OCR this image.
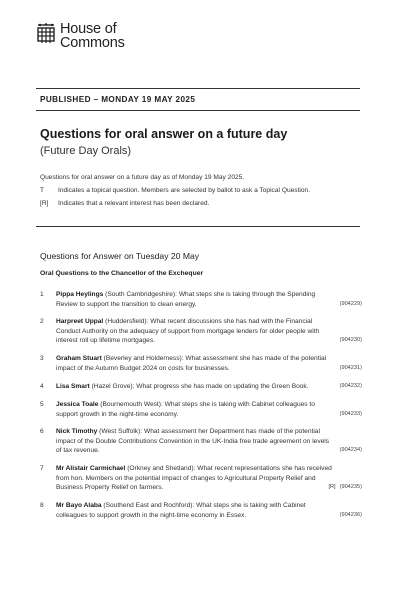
House of
Commons
PUBLISHED – MONDAY 19 MAY 2025
Questions for oral answer on a future day
(Future Day Orals)
Questions for oral answer on a future day as of Monday 19 May 2025.
T Indicates a topical question. Members are selected by ballot to ask a Topical Question.
[R] Indicates that a relevant interest has been declared.
Questions for Answer on Tuesday 20 May
Oral Questions to the Chancellor of the Exchequer
1 Pippa Heylings (South Cambridgeshire): What steps she is taking through the Spending Review to support the transition to clean energy.	(904229)
2 Harpreet Uppal (Huddersfield): What recent discussions she has had with the Financial Conduct Authority on the adequacy of support from mortgage lenders for older people with interest roll up lifetime mortgages.	(904230)
3 Graham Stuart (Beverley and Holderness): What assessment she has made of the potential impact of the Autumn Budget 2024 on costs for businesses.	(904231)
4 Lisa Smart (Hazel Grove): What progress she has made on updating the Green Book.	(904232)
5 Jessica Toale (Bournemouth West): What steps she is taking with Cabinet colleagues to support growth in the night-time economy.	(904233)
6 Nick Timothy (West Suffolk): What assessment her Department has made of the potential impact of the Double Contributions Convention in the UK-India free trade agreement on levels of tax revenue.	(904234)
7 Mr Alistair Carmichael (Orkney and Shetland): What recent representations she has received from hon. Members on the potential impact of changes to Agricultural Property Relief and Business Property Relief on farmers.	[R] (904235)
8 Mr Bayo Alaba (Southend East and Rochford): What steps she is taking with Cabinet colleagues to support growth in the night-time economy in Essex.	(904236)
